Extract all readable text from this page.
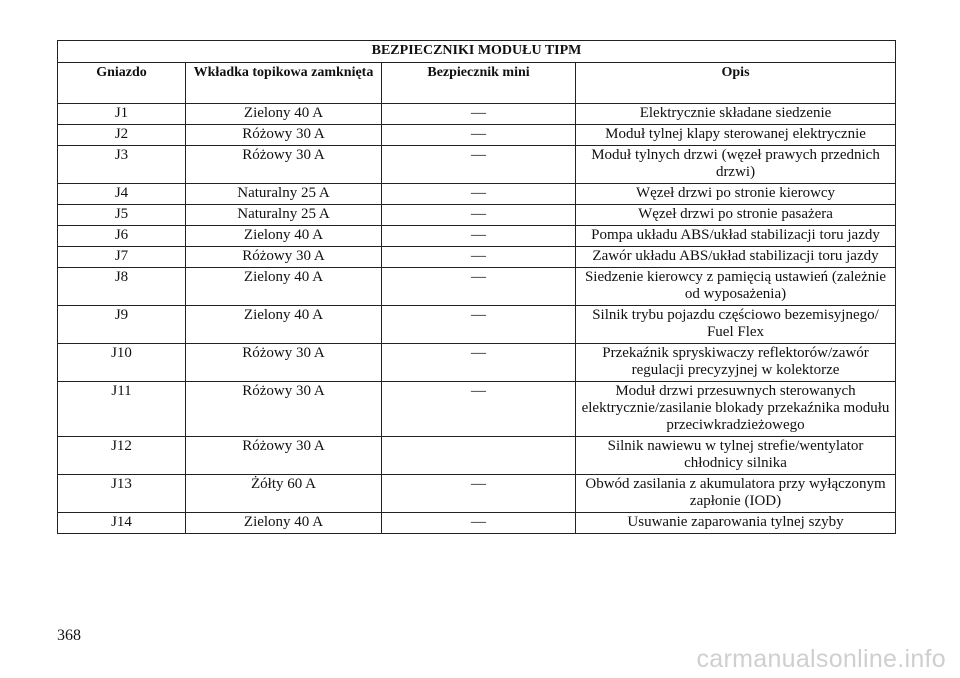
BEZPIECZNIKI MODUŁU TIPM			
Gniazdo	Wkładka topikowa zamknięta	Bezpiecznik mini	Opis
J1	Zielony 40 A	—	Elektrycznie składane siedzenie
J2	Różowy 30 A	—	Moduł tylnej klapy sterowanej elektrycznie
J3	Różowy 30 A	—	Moduł tylnych drzwi (węzeł prawych przednich drzwi)
J4	Naturalny 25 A	—	Węzeł drzwi po stronie kierowcy
J5	Naturalny 25 A	—	Węzeł drzwi po stronie pasażera
J6	Zielony 40 A	—	Pompa układu ABS/układ stabilizacji toru jazdy
J7	Różowy 30 A	—	Zawór układu ABS/układ stabilizacji toru jazdy
J8	Zielony 40 A	—	Siedzenie kierowcy z pamięcią ustawień (zależnie od wyposażenia)
J9	Zielony 40 A	—	Silnik trybu pojazdu częściowo bezemisyjnego/ Fuel Flex
J10	Różowy 30 A	—	Przekaźnik spryskiwaczy reflektorów/zawór regulacji precyzyjnej w kolektorze
J11	Różowy 30 A	—	Moduł drzwi przesuwnych sterowanych elektrycznie/zasilanie blokady przekaźnika modułu przeciwkradzieżowego
J12	Różowy 30 A		Silnik nawiewu w tylnej strefie/wentylator chłodnicy silnika
J13	Żółty 60 A	—	Obwód zasilania z akumulatora przy wyłączonym zapłonie (IOD)
J14	Zielony 40 A	—	Usuwanie zaparowania tylnej szyby
368
carmanualsonline.info
